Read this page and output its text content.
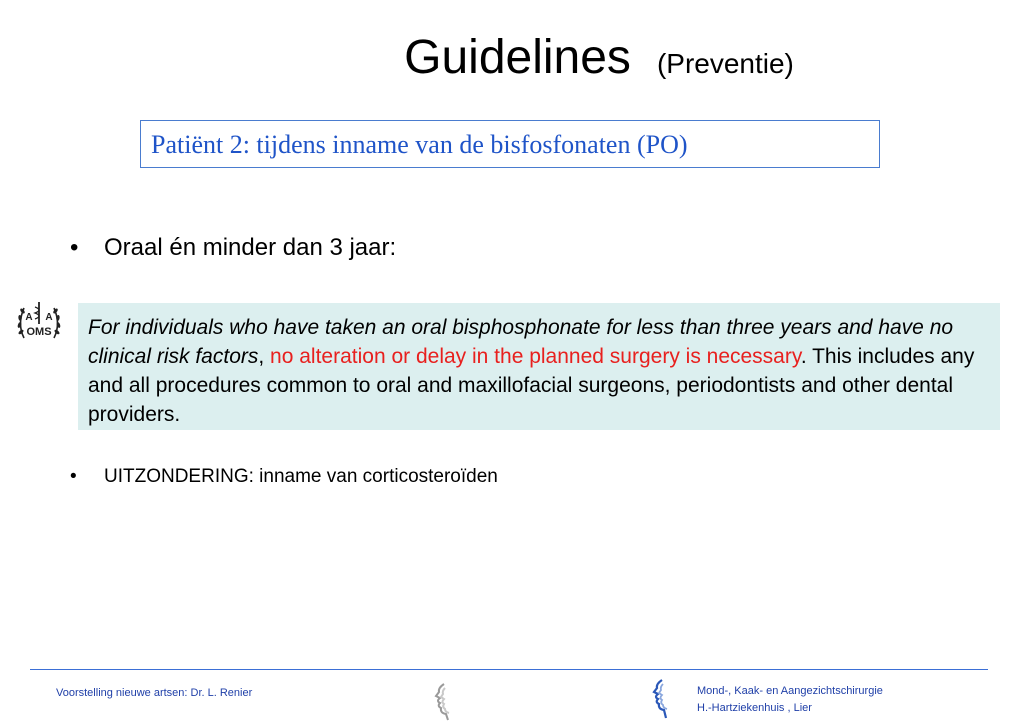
Guidelines (Preventie)
Patiënt 2: tijdens inname van de bisfosfonaten (PO)
• Oraal én minder dan 3 jaar:
A A
OMS	For individuals who have taken an oral bisphosphonate for less than three years and have no clinical risk factors, no alteration or delay in the planned surgery is necessary. This includes any and all procedures common to oral and maxillofacial surgeons, periodontists and other dental providers.
• UITZONDERING: inname van corticosteroïden
Voorstelling nieuwe artsen: Dr. L. Renier	Mond-, Kaak- en Aangezichtschirurgie
H.-Hartziekenhuis , Lier
